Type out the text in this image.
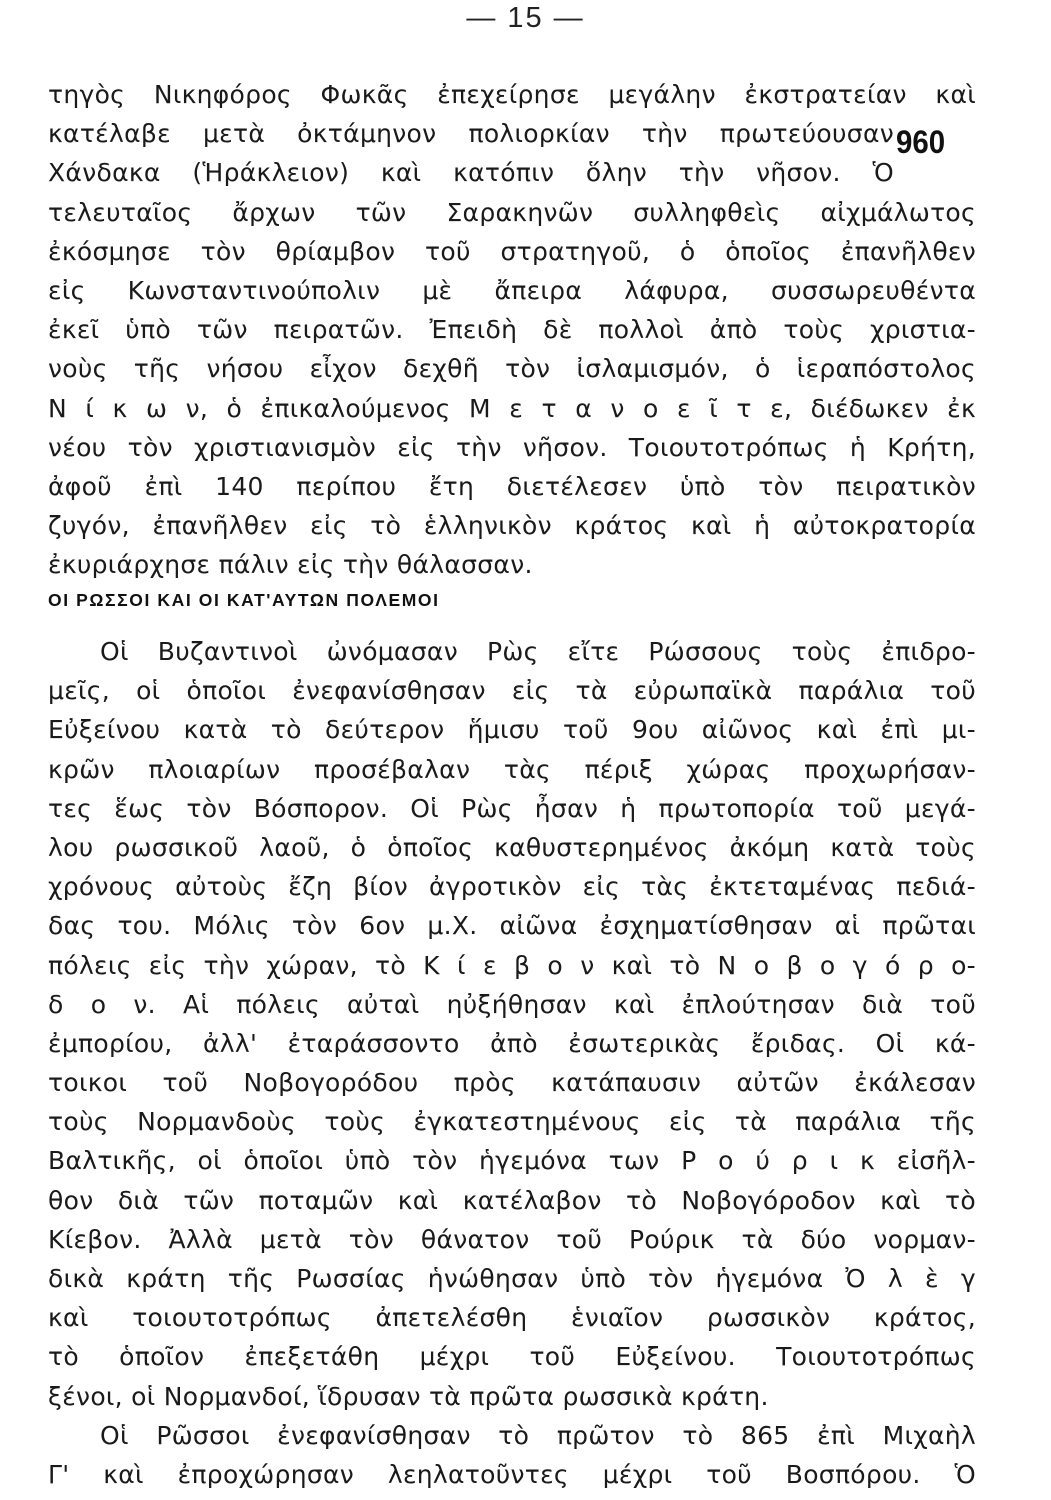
— 15 —
960
τηγὸς Νικηφόρος Φωκᾶς ἐπεχείρησε μεγάλην ἐκστρατείαν καὶ
κατέλαβε μετὰ ὀκτάμηνον πολιορκίαν τὴν πρωτεύουσαν
Χάνδακα (Ἡράκλειον) καὶ κατόπιν ὅλην τὴν νῆσον. Ὁ
τελευταῖος ἄρχων τῶν Σαρακηνῶν συλληφθεὶς αἰχμάλωτος
ἐκόσμησε τὸν θρίαμβον τοῦ στρατηγοῦ, ὁ ὁποῖος ἐπανῆλθεν
εἰς Κωνσταντινούπολιν μὲ ἄπειρα λάφυρα, συσσωρευθέντα
ἐκεῖ ὑπὸ τῶν πειρατῶν. Ἐπειδὴ δὲ πολλοὶ ἀπὸ τοὺς χριστια-
νοὺς τῆς νήσου εἶχον δεχθῆ τὸν ἰσλαμισμόν, ὁ ἱεραπόστολος
Ν ί κ ω ν, ὁ ἐπικαλούμενος Μ ε τ α ν ο ε ῖ τ ε, διέδωκεν ἐκ
νέου τὸν χριστιανισμὸν εἰς τὴν νῆσον. Τοιουτοτρόπως ἡ Κρήτη,
ἀφοῦ ἐπὶ 140 περίπου ἔτη διετέλεσεν ὑπὸ τὸν πειρατικὸν
ζυγόν, ἐπανῆλθεν εἰς τὸ ἑλληνικὸν κράτος καὶ ἡ αὐτοκρατορία
ἐκυριάρχησε πάλιν εἰς τὴν θάλασσαν.
ΟΙ ΡΩΣΣΟΙ ΚΑΙ ΟΙ ΚΑΤ'ΑΥΤΩΝ ΠΟΛΕΜΟΙ
Οἱ Βυζαντινοὶ ὠνόμασαν Ρὼς εἴτε Ρώσσους τοὺς ἐπιδρο-
μεῖς, οἱ ὁποῖοι ἐνεφανίσθησαν εἰς τὰ εὐρωπαϊκὰ παράλια τοῦ
Εὐξείνου κατὰ τὸ δεύτερον ἥμισυ τοῦ 9ου αἰῶνος καὶ ἐπὶ μι-
κρῶν πλοιαρίων προσέβαλαν τὰς πέριξ χώρας προχωρήσαν-
τες ἕως τὸν Βόσπορον. Οἱ Ρὼς ἦσαν ἡ πρωτοπορία τοῦ μεγά-
λου ρωσσικοῦ λαοῦ, ὁ ὁποῖος καθυστερημένος ἀκόμη κατὰ τοὺς
χρόνους αὐτοὺς ἔζη βίον ἀγροτικὸν εἰς τὰς ἐκτεταμένας πεδιά-
δας του. Μόλις τὸν 6ον μ.Χ. αἰῶνα ἐσχηματίσθησαν αἱ πρῶται
πόλεις εἰς τὴν χώραν, τὸ Κ ί ε β ο ν καὶ τὸ Ν ο β ο γ ό ρ ο-
δ ο ν. Αἱ πόλεις αὐταὶ ηὐξήθησαν καὶ ἐπλούτησαν διὰ τοῦ
ἐμπορίου, ἀλλ' ἐταράσσοντο ἀπὸ ἐσωτερικὰς ἔριδας. Οἱ κά-
τοικοι τοῦ Νοβογορόδου πρὸς κατάπαυσιν αὐτῶν ἐκάλεσαν
τοὺς Νορμανδοὺς τοὺς ἐγκατεστημένους εἰς τὰ παράλια τῆς
Βαλτικῆς, οἱ ὁποῖοι ὑπὸ τὸν ἡγεμόνα των Ρ ο ύ ρ ι κ εἰσῆλ-
θον διὰ τῶν ποταμῶν καὶ κατέλαβον τὸ Νοβογόροδον καὶ τὸ
Κίεβον. Ἀλλὰ μετὰ τὸν θάνατον τοῦ Ρούρικ τὰ δύο νορμαν-
δικὰ κράτη τῆς Ρωσσίας ἡνώθησαν ὑπὸ τὸν ἡγεμόνα Ὀ λ ὲ γ
καὶ τοιουτοτρόπως ἀπετελέσθη ἑνιαῖον ρωσσικὸν κράτος,
τὸ ὁποῖον ἐπεξετάθη μέχρι τοῦ Εὐξείνου. Τοιουτοτρόπως
ξένοι, οἱ Νορμανδοί, ἵδρυσαν τὰ πρῶτα ρωσσικὰ κράτη.
Οἱ Ρῶσσοι ἐνεφανίσθησαν τὸ πρῶτον τὸ 865 ἐπὶ Μιχαὴλ
Γ' καὶ ἐπροχώρησαν λεηλατοῦντες μέχρι τοῦ Βοσπόρου. Ὁ
